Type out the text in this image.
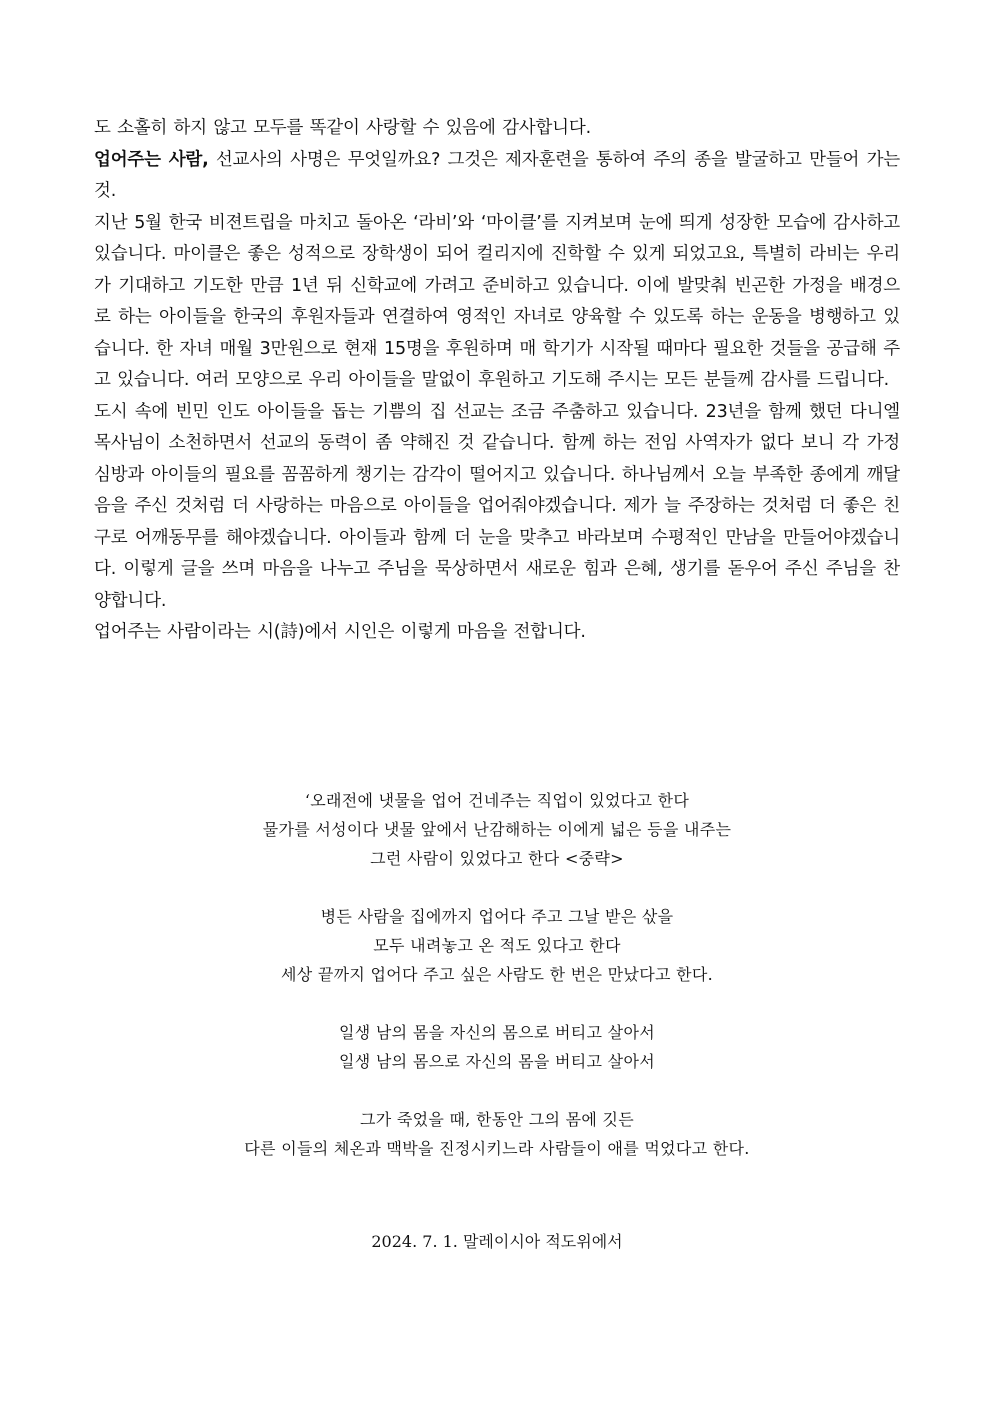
도 소홀히 하지 않고 모두를 똑같이 사랑할 수 있음에 감사합니다.

업어주는 사람, 선교사의 사명은 무엇일까요? 그것은 제자훈련을 통하여 주의 종을 발굴하고 만들어 가는 것.

지난 5월 한국 비젼트립을 마치고 돌아온 ‘라비’와 ‘마이클’를 지켜보며 눈에 띄게 성장한 모습에 감사하고 있습니다. 마이클은 좋은 성적으로 장학생이 되어 컬리지에 진학할 수 있게 되었고요, 특별히 라비는 우리가 기대하고 기도한 만큼 1년 뒤 신학교에 가려고 준비하고 있습니다. 이에 발맞춰 빈곤한 가정을 배경으로 하는 아이들을 한국의 후원자들과 연결하여 영적인 자녀로 양육할 수 있도록 하는 운동을 병행하고 있습니다. 한 자녀 매월 3만원으로 현재 15명을 후원하며 매 학기가 시작될 때마다 필요한 것들을 공급해 주고 있습니다. 여러 모양으로 우리 아이들을 말없이 후원하고 기도해 주시는 모든 분들께 감사를 드립니다.

도시 속에 빈민 인도 아이들을 돕는 기쁨의 집 선교는 조금 주춤하고 있습니다. 23년을 함께 했던 다니엘 목사님이 소천하면서 선교의 동력이 좀 약해진 것 같습니다. 함께 하는 전임 사역자가 없다 보니 각 가정 심방과 아이들의 필요를 꼼꼼하게 챙기는 감각이 떨어지고 있습니다. 하나님께서 오늘 부족한 종에게 깨달음을 주신 것처럼 더 사랑하는 마음으로 아이들을 업어줘야겠습니다. 제가 늘 주장하는 것처럼 더 좋은 친구로 어깨동무를 해야겠습니다. 아이들과 함께 더 눈을 맞추고 바라보며 수평적인 만남을 만들어야겠습니다. 이렇게 글을 쓰며 마음을 나누고 주님을 묵상하면서 새로운 힘과 은혜, 생기를 돋우어 주신 주님을 찬양합니다.

업어주는 사람이라는 시(詩)에서 시인은 이렇게 마음을 전합니다.

‘오래전에 냇물을 업어 건네주는 직업이 있었다고 한다
물가를 서성이다 냇물 앞에서 난감해하는 이에게 넓은 등을 내주는
그런 사람이 있었다고 한다 <중략>
병든 사람을 집에까지 업어다 주고 그날 받은 삯을
모두 내려놓고 온 적도 있다고 한다
세상 끝까지 업어다 주고 싶은 사람도 한 번은 만났다고 한다.
일생 남의 몸을 자신의 몸으로 버티고 살아서
일생 남의 몸으로 자신의 몸을 버티고 살아서
그가 죽었을 때, 한동안 그의 몸에 깃든
다른 이들의 체온과 맥박을 진정시키느라 사람들이 애를 먹었다고 한다.
2024. 7. 1. 말레이시아 적도위에서
